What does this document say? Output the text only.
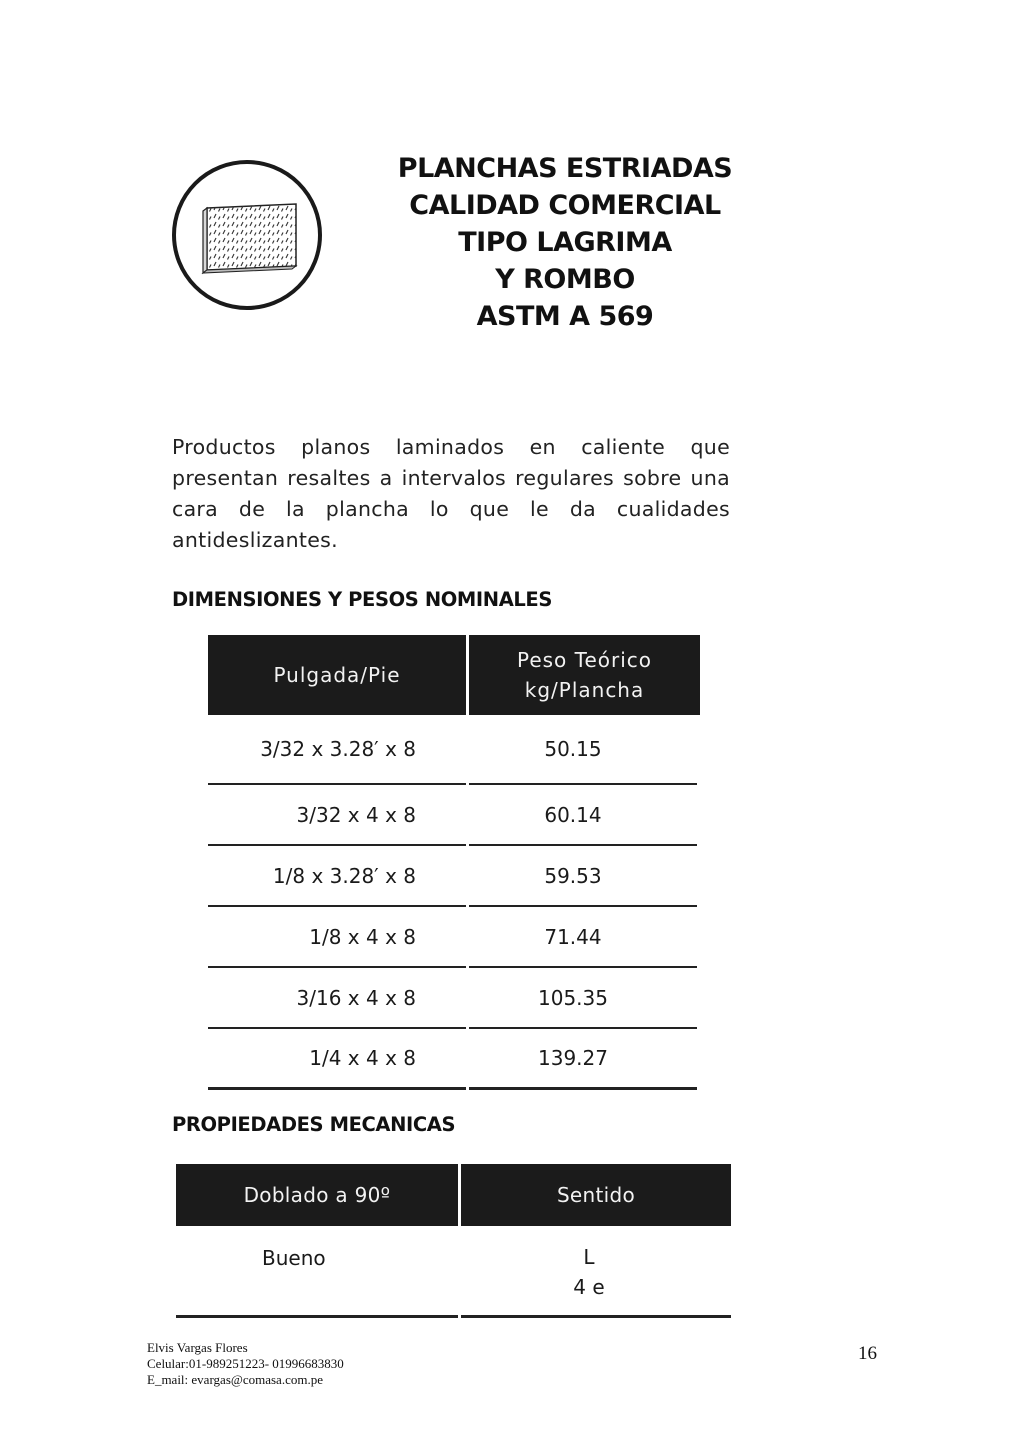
PLANCHAS ESTRIADAS
CALIDAD COMERCIAL
TIPO LAGRIMA
Y ROMBO
ASTM A 569

Productos planos laminados en caliente que presentan resaltes a intervalos regulares sobre una cara de la plancha lo que le da cualidades antideslizantes.

DIMENSIONES Y PESOS NOMINALES
Pulgada/Pie
Peso Teórico
kg/Plancha
3/32 x 3.28′ x 8	50.15
3/32 x 4 x 8	60.14
1/8 x 3.28′ x 8	59.53
1/8 x 4 x 8	71.44
3/16 x 4 x 8	105.35
1/4 x 4 x 8	139.27
PROPIEDADES MECANICAS
Doblado a 90º	Sentido
Bueno	L
4 e
Elvis Vargas Flores
Celular:01-989251223- 01996683830
E_mail: evargas@comasa.com.pe
16
